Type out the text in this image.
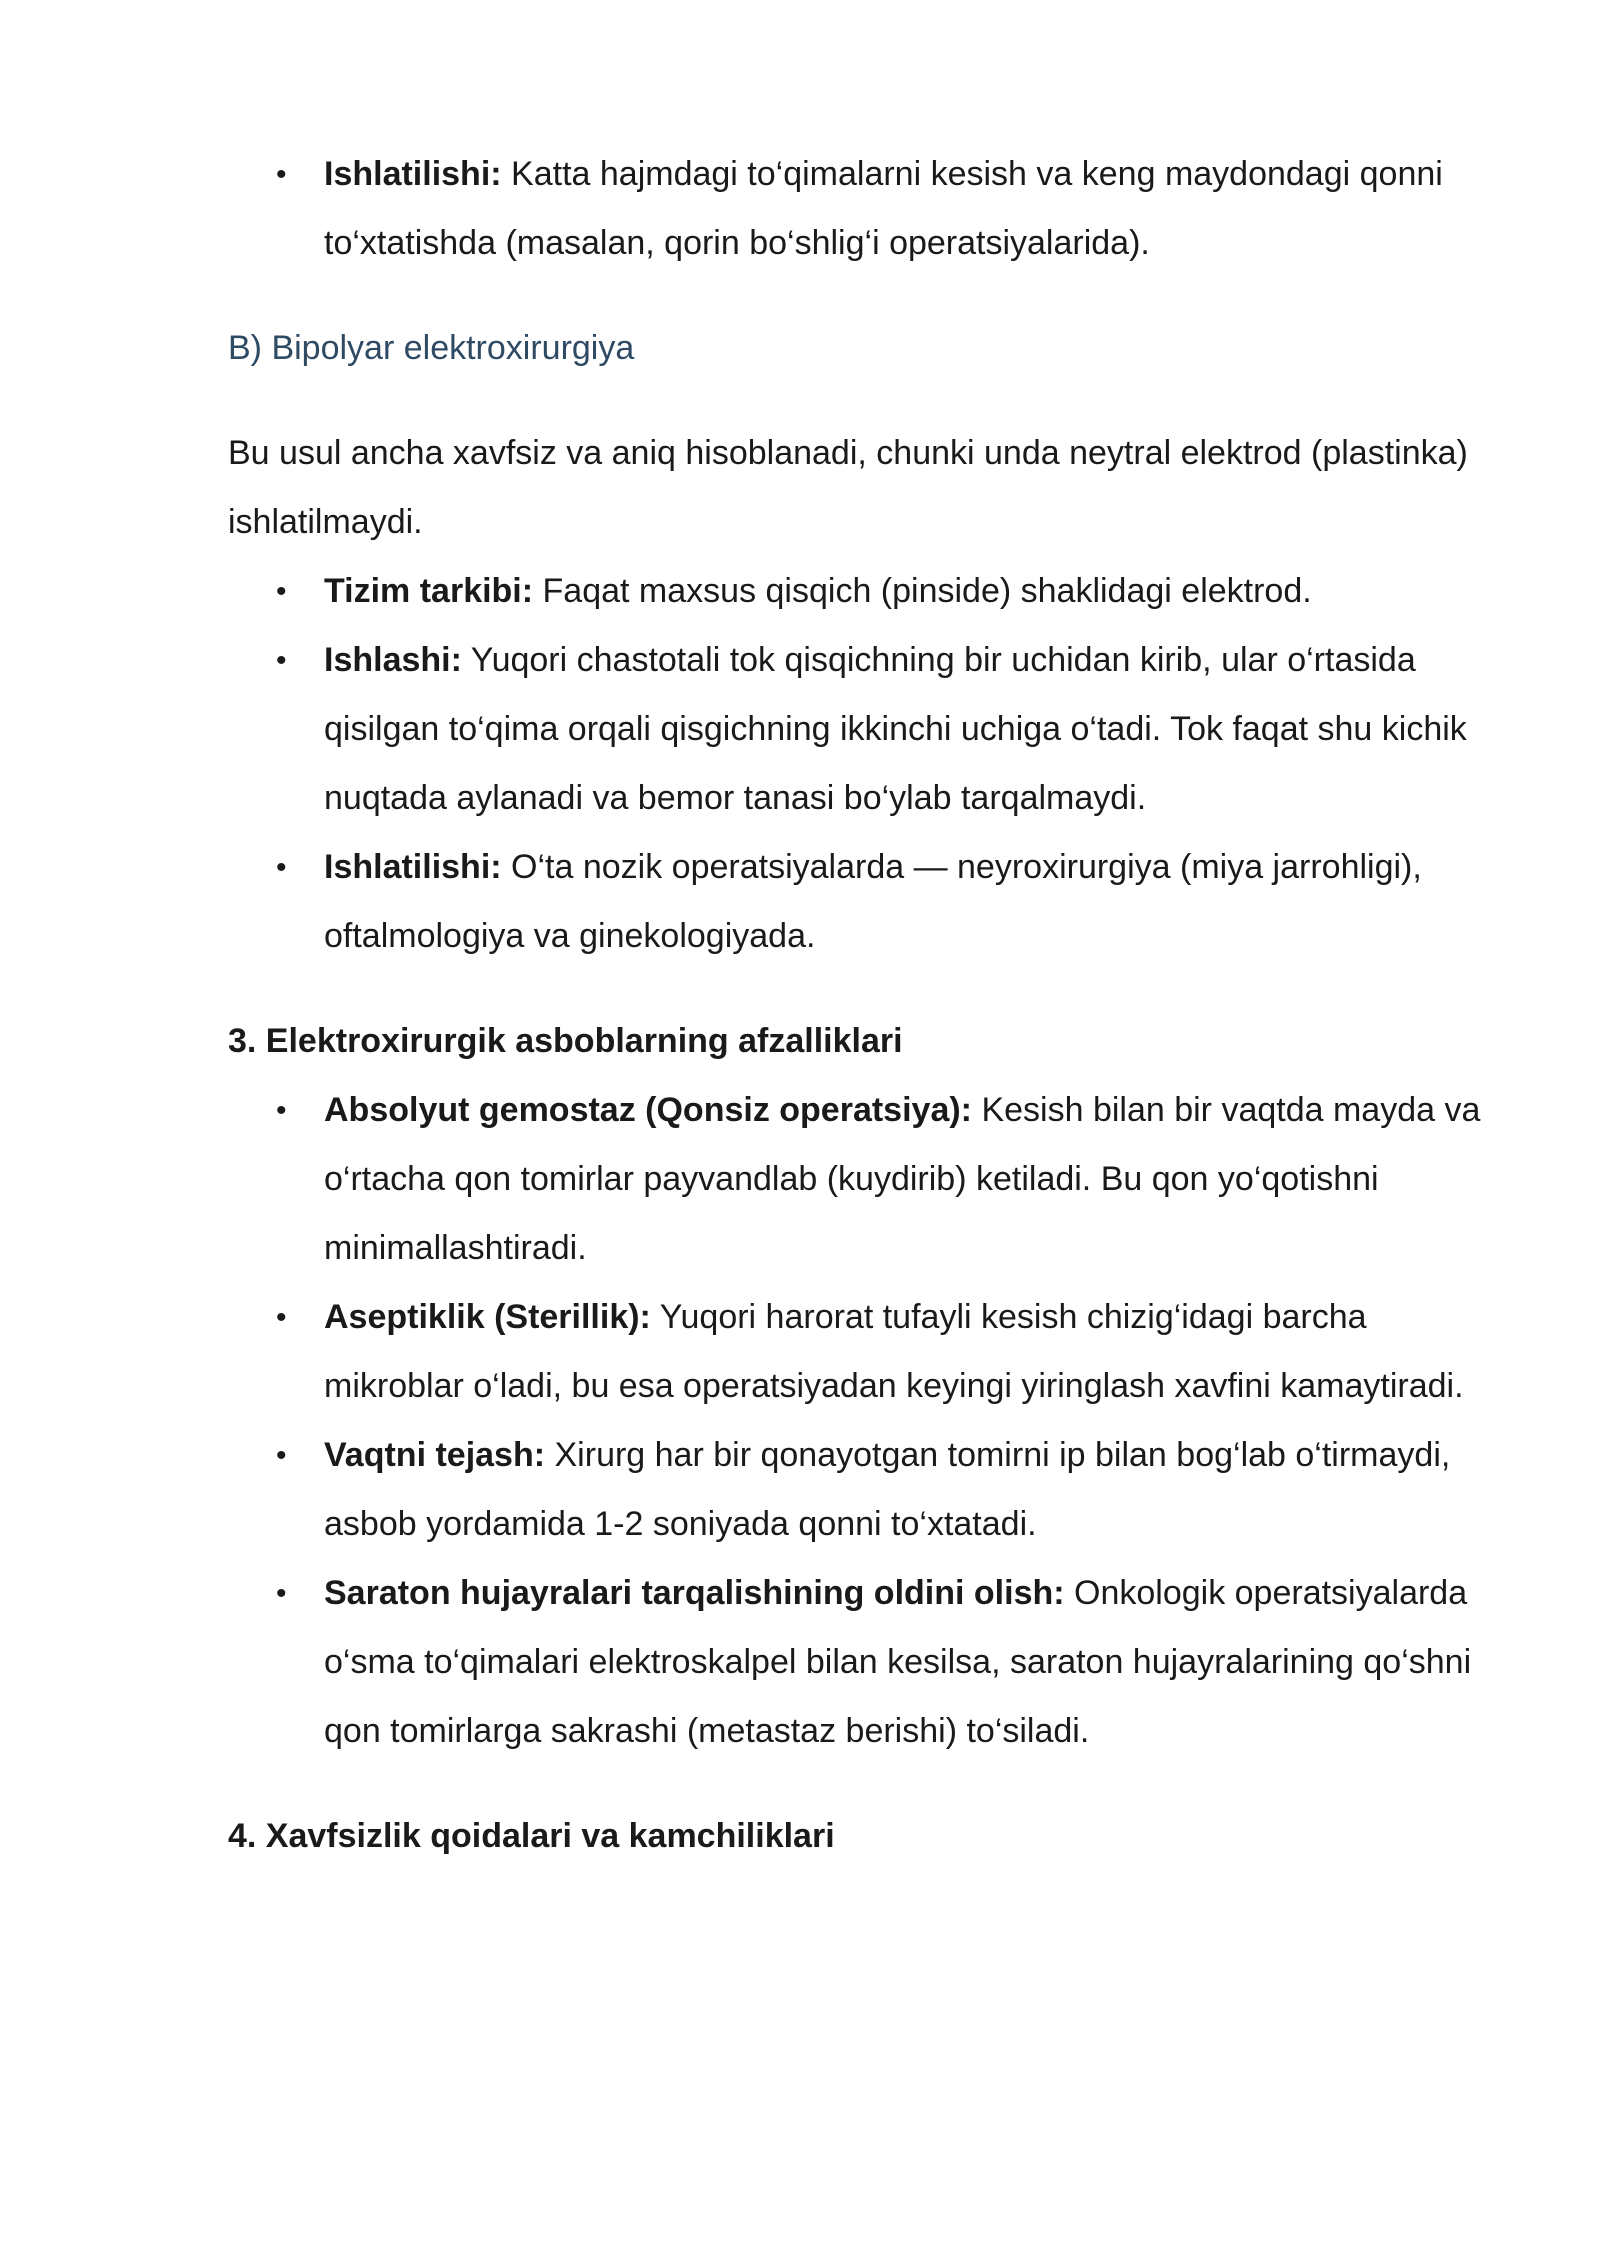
• Ishlatilishi: Katta hajmdagi to‘qimalarni kesish va keng maydondagi qonni to‘xtatishda (masalan, qorin bo‘shlig‘i operatsiyalarida).
B) Bipolyar elektroxirurgiya
Bu usul ancha xavfsiz va aniq hisoblanadi, chunki unda neytral elektrod (plastinka) ishlatilmaydi.
• Tizim tarkibi: Faqat maxsus qisqich (pinside) shaklidagi elektrod.
• Ishlashi: Yuqori chastotali tok qisqichning bir uchidan kirib, ular o‘rtasida qisilgan to‘qima orqali qisgichning ikkinchi uchiga o‘tadi. Tok faqat shu kichik nuqtada aylanadi va bemor tanasi bo‘ylab tarqalmaydi.
• Ishlatilishi: O‘ta nozik operatsiyalarda — neyroxirurgiya (miya jarrohligi), oftalmologiya va ginekologiyada.
3. Elektroxirurgik asboblarning afzalliklari
• Absolyut gemostaz (Qonsiz operatsiya): Kesish bilan bir vaqtda mayda va o‘rtacha qon tomirlar payvandlab (kuydirib) ketiladi. Bu qon yo‘qotishni minimallashtiradi.
• Aseptiklik (Sterillik): Yuqori harorat tufayli kesish chizig‘idagi barcha mikroblar o‘ladi, bu esa operatsiyadan keyingi yiringlash xavfini kamaytiradi.
• Vaqtni tejash: Xirurg har bir qonayotgan tomirni ip bilan bog‘lab o‘tirmaydi, asbob yordamida 1-2 soniyada qonni to‘xtatadi.
• Saraton hujayralari tarqalishining oldini olish: Onkologik operatsiyalarda o‘sma to‘qimalari elektroskalpel bilan kesilsa, saraton hujayralarining qo‘shni qon tomirlarga sakrashi (metastaz berishi) to‘siladi.
4. Xavfsizlik qoidalari va kamchiliklari
